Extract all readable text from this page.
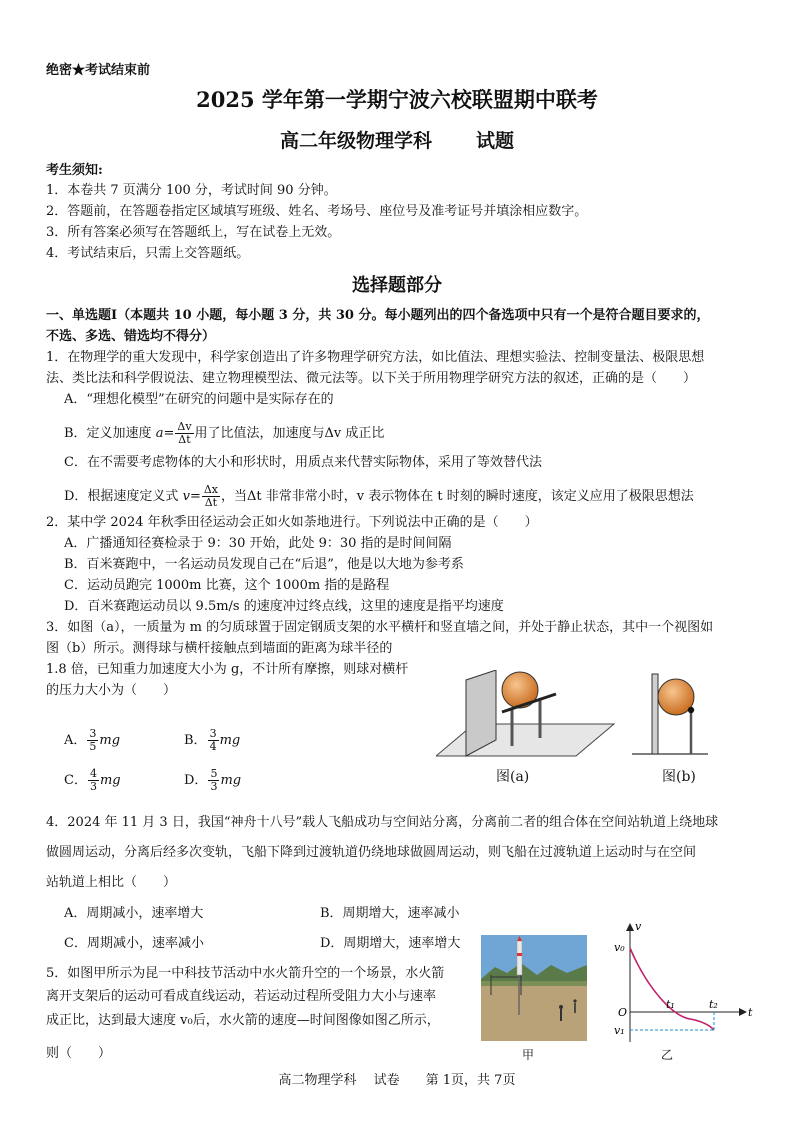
绝密★考试结束前
2025 学年第一学期宁波六校联盟期中联考
高二年级物理学科 试题
考生须知:
1．本卷共 7 页满分 100 分，考试时间 90 分钟。
2．答题前，在答题卷指定区域填写班级、姓名、考场号、座位号及准考证号并填涂相应数字。
3．所有答案必须写在答题纸上，写在试卷上无效。
4．考试结束后，只需上交答题纸。
选择题部分
一、单选题Ⅰ（本题共 10 小题，每小题 3 分，共 30 分。每小题列出的四个备选项中只有一个是符合题目要求的，
不选、多选、错选均不得分）
1．在物理学的重大发现中，科学家创造出了许多物理学研究方法，如比值法、理想实验法、控制变量法、极限思想
法、类比法和科学假说法、建立物理模型法、微元法等。以下关于所用物理学研究方法的叙述，正确的是（　　）
A．“理想化模型”在研究的问题中是实际存在的
B．定义加速度 $a= \frac{\Delta v}{\Delta t}$ 用了比值法，加速度与Δv 成正比
C．在不需要考虑物体的大小和形状时，用质点来代替实际物体，采用了等效替代法
D．根据速度定义式 $v= \frac{\Delta x}{\Delta t}$ ，当Δt 非常非常小时，v 表示物体在 t 时刻的瞬时速度，该定义应用了极限思想法
2．某中学 2024 年秋季田径运动会正如火如荼地进行。下列说法中正确的是（　　）
A．广播通知径赛检录于 9：30 开始，此处 9：30 指的是时间间隔
B．百米赛跑中，一名运动员发现自己在“后退”，他是以大地为参考系
C．运动员跑完 1000m 比赛，这个 1000m 指的是路程
D．百米赛跑运动员以 9.5m/s 的速度冲过终点线，这里的速度是指平均速度
3．如图（a），一质量为 m 的匀质球置于固定钢质支架的水平横杆和竖直墙之间，并处于静止状态，其中一个视图如
图（b）所示。测得球与横杆接触点到墙面的距离为球半径的
1.8 倍，已知重力加速度大小为 g，不计所有摩擦，则球对横杆
的压力大小为（　　）
A． $\frac{3}{5}$ mg	B． $\frac{3}{4}$ mg
C． $\frac{4}{3}$ mg	D． $\frac{5}{3}$ mg	图(a)	图(b)
4．2024 年 11 月 3 日，我国“神舟十八号”载人飞船成功与空间站分离，分离前二者的组合体在空间站轨道上绕地球
做圆周运动，分离后经多次变轨，飞船下降到过渡轨道仍绕地球做圆周运动，则飞船在过渡轨道上运动时与在空间
站轨道上相比（　　）
A．周期减小，速率增大	B．周期增大，速率减小
C．周期减小，速率减小	D．周期增大，速率增大
5．如图甲所示为昆一中科技节活动中水火箭升空的一个场景，水火箭
离开支架后的运动可看成直线运动，若运动过程所受阻力大小与速率
成正比，达到最大速度 v₀后，水火箭的速度—时间图像如图乙所示，
则（　　）	甲
v
t
O
v₀
v₁
t₁	t₂
乙
高二物理学科　 试卷　　第 1页，共 7页
